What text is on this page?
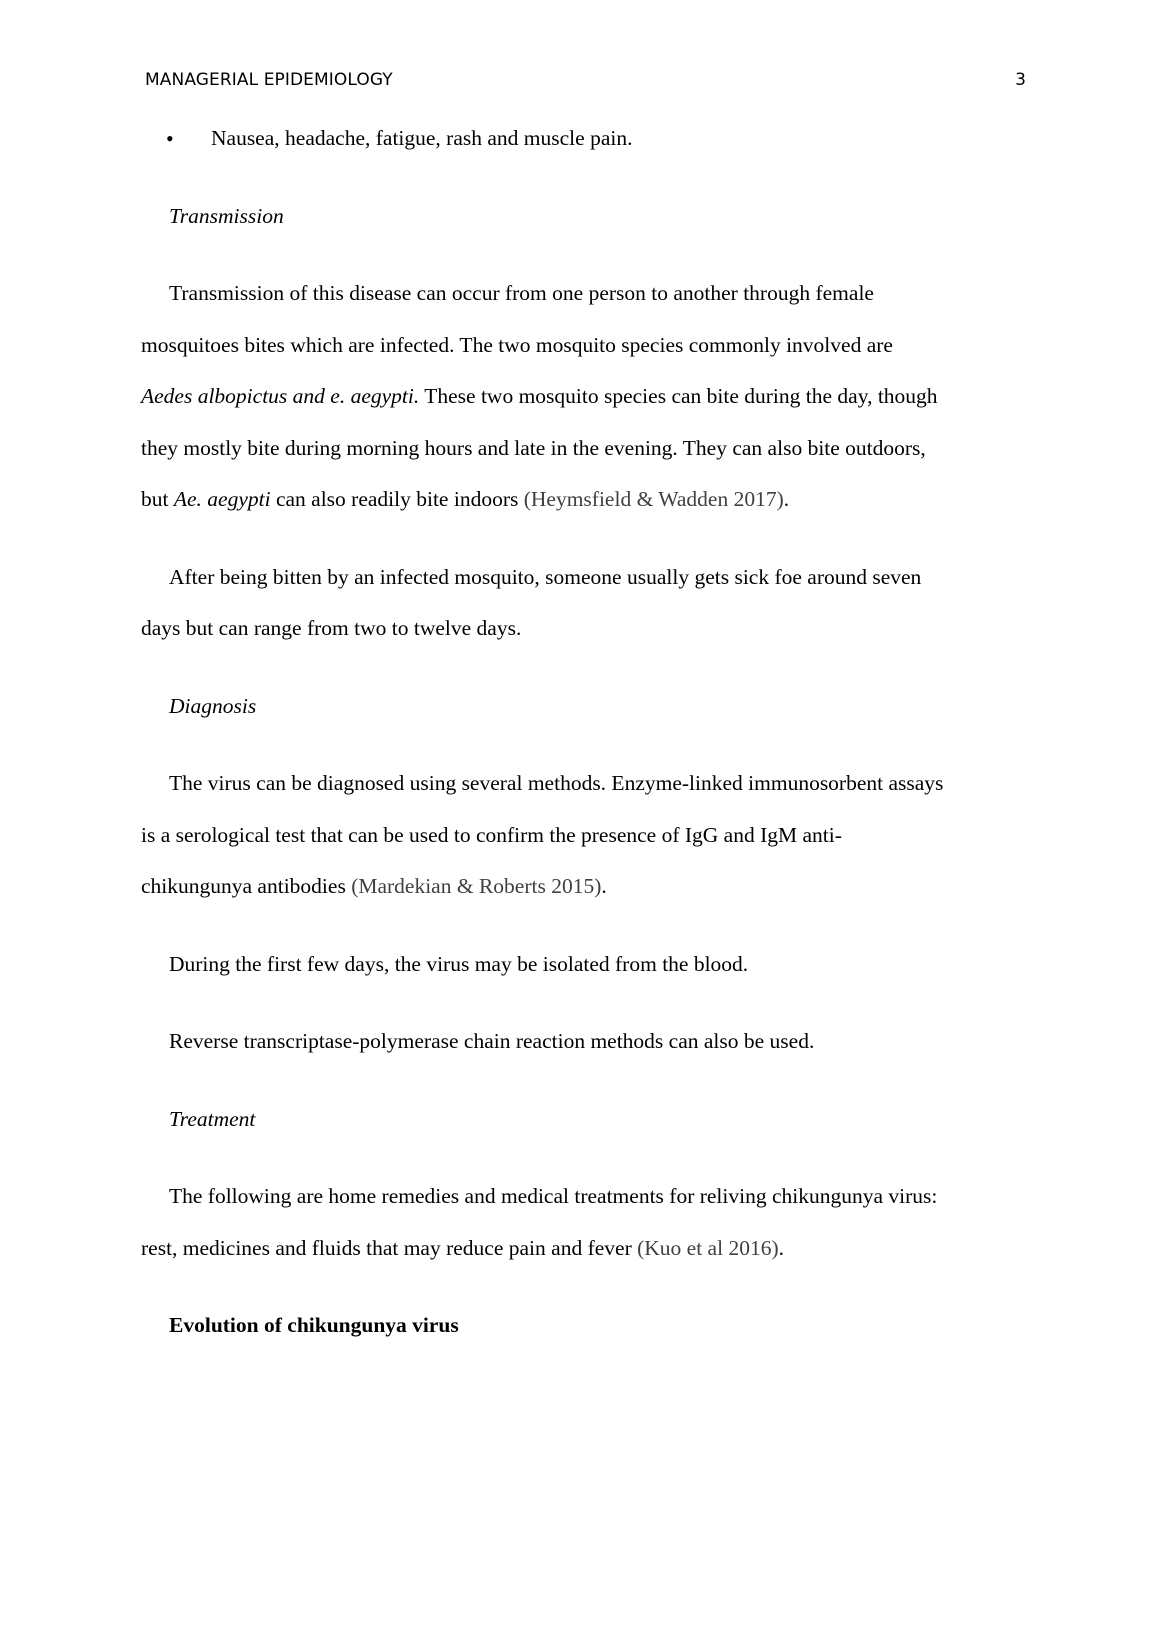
MANAGERIAL EPIDEMIOLOGY	3
• Nausea, headache, fatigue, rash and muscle pain.
Transmission
Transmission of this disease can occur from one person to another through female
mosquitoes bites which are infected. The two mosquito species commonly involved are
Aedes albopictus and e. aegypti. These two mosquito species can bite during the day, though
they mostly bite during morning hours and late in the evening. They can also bite outdoors,
but Ae. aegypti can also readily bite indoors (Heymsfield & Wadden 2017).
After being bitten by an infected mosquito, someone usually gets sick foe around seven
days but can range from two to twelve days.
Diagnosis
The virus can be diagnosed using several methods. Enzyme-linked immunosorbent assays
is a serological test that can be used to confirm the presence of IgG and IgM anti-
chikungunya antibodies (Mardekian & Roberts 2015).
During the first few days, the virus may be isolated from the blood.
Reverse transcriptase-polymerase chain reaction methods can also be used.
Treatment
The following are home remedies and medical treatments for reliving chikungunya virus:
rest, medicines and fluids that may reduce pain and fever (Kuo et al 2016).
Evolution of chikungunya virus
